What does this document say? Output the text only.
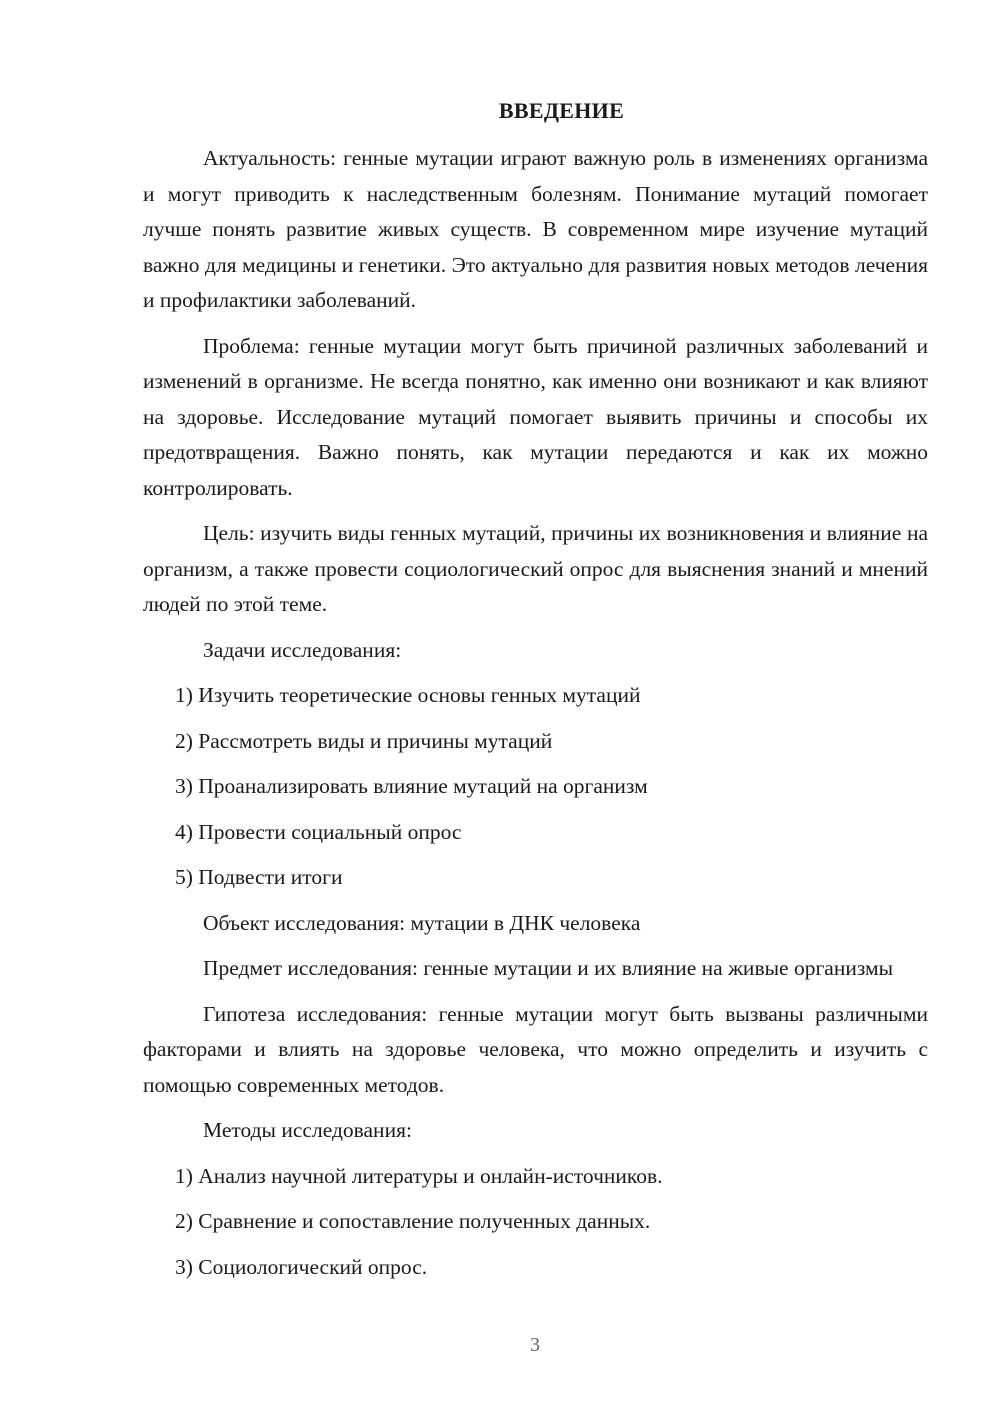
ВВЕДЕНИЕ

Актуальность: генные мутации играют важную роль в изменениях организма и могут приводить к наследственным болезням. Понимание мутаций помогает лучше понять развитие живых существ. В современном мире изучение мутаций важно для медицины и генетики. Это актуально для развития новых методов лечения и профилактики заболеваний.

Проблема: генные мутации могут быть причиной различных заболеваний и изменений в организме. Не всегда понятно, как именно они возникают и как влияют на здоровье. Исследование мутаций помогает выявить причины и способы их предотвращения. Важно понять, как мутации передаются и как их можно контролировать.

Цель: изучить виды генных мутаций, причины их возникновения и влияние на организм, а также провести социологический опрос для выяснения знаний и мнений людей по этой теме.

Задачи исследования:

1) Изучить теоретические основы генных мутаций
2) Рассмотреть виды и причины мутаций
3) Проанализировать влияние мутаций на организм
4) Провести социальный опрос
5) Подвести итоги

Объект исследования: мутации в ДНК человека

Предмет исследования: генные мутации и их влияние на живые организмы

Гипотеза исследования: генные мутации могут быть вызваны различными факторами и влиять на здоровье человека, что можно определить и изучить с помощью современных методов.

Методы исследования:

1) Анализ научной литературы и онлайн-источников.
2) Сравнение и сопоставление полученных данных.
3) Социологический опрос.
3
